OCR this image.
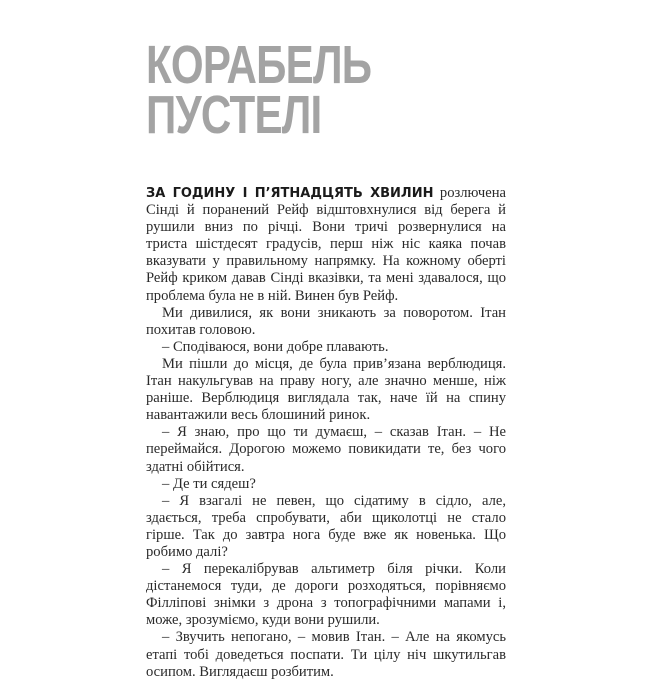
КОРАБЕЛЬ
ПУСТЕЛІ

ЗА ГОДИНУ І П’ЯТНАДЦЯТЬ ХВИЛИН розлючена Сінді й поранений Рейф відштовхнулися від берега й рушили вниз по річці. Вони тричі розвернулися на триста шістдесят градусів, перш ніж ніс каяка почав вказувати у правильному напрямку. На кожному оберті Рейф криком давав Сінді вказівки, та мені здавалося, що проблема була не в ній. Винен був Рейф.

Ми дивилися, як вони зникають за поворотом. Ітан похитав головою.

– Сподіваюся, вони добре плавають.

Ми пішли до місця, де була прив’язана верблюдиця. Ітан накульгував на праву ногу, але значно менше, ніж раніше. Верблюдиця виглядала так, наче їй на спину навантажили весь блошиний ринок.

– Я знаю, про що ти думаєш, – сказав Ітан. – Не переймайся. Дорогою можемо повикидати те, без чого здатні обійтися.

– Де ти сядеш?

– Я взагалі не певен, що сідатиму в сідло, але, здається, треба спробувати, аби щиколотці не стало гірше. Так до завтра нога буде вже як новенька. Що робимо далі?

– Я перекалібрував альтиметр біля річки. Коли дістанемося туди, де дороги розходяться, порівняємо Філліпові знімки з дрона з топографічними мапами і, може, зрозуміємо, куди вони рушили.

– Звучить непогано, – мовив Ітан. – Але на якомусь етапі тобі доведеться поспати. Ти цілу ніч шкутильгав осипом. Виглядаєш розбитим.
